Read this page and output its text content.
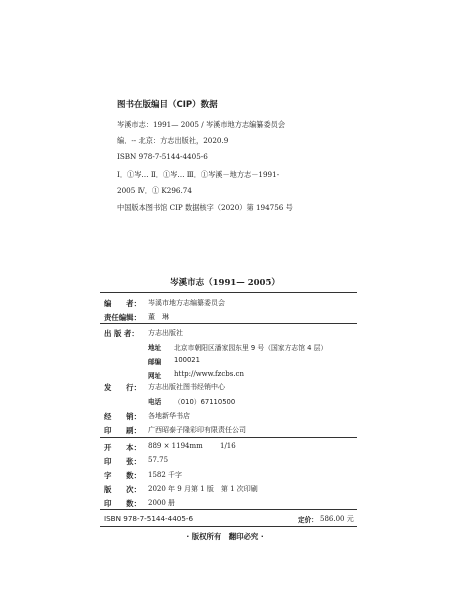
图书在版编目（CIP）数据
岑溪市志：1991— 2005 / 岑溪市地方志编纂委员会
编．-- 北京：方志出版社，2020.9
ISBN 978-7-5144-4405-6
Ⅰ．①岑… Ⅱ．①岑… Ⅲ．①岑溪－地方志－1991-
2005 Ⅳ．① K296.74
中国版本图书馆 CIP 数据核字（2020）第 194756 号
岑溪市志（1991— 2005）
编　　者： 岑溪市地方志编纂委员会
责任编辑： 董　琳
出 版 者： 方志出版社
地址 北京市朝阳区潘家园东里 9 号（国家方志馆 4 层）
邮编 100021
网址 http://www.fzcbs.cn
发　　行： 方志出版社图书经销中心
电话 （010）67110500
经　　销： 各地新华书店
印　　刷： 广西昭泰子隆彩印有限责任公司
开　　本： 889 × 1194mm 1/16
印　　张： 57.75
字　　数： 1582 千字
版　　次： 2020 年 9 月第 1 版　第 1 次印刷
印　　数： 2000 册
ISBN 978-7-5144-4405-6	定价： 586.00 元
· 版权所有　翻印必究 ·
